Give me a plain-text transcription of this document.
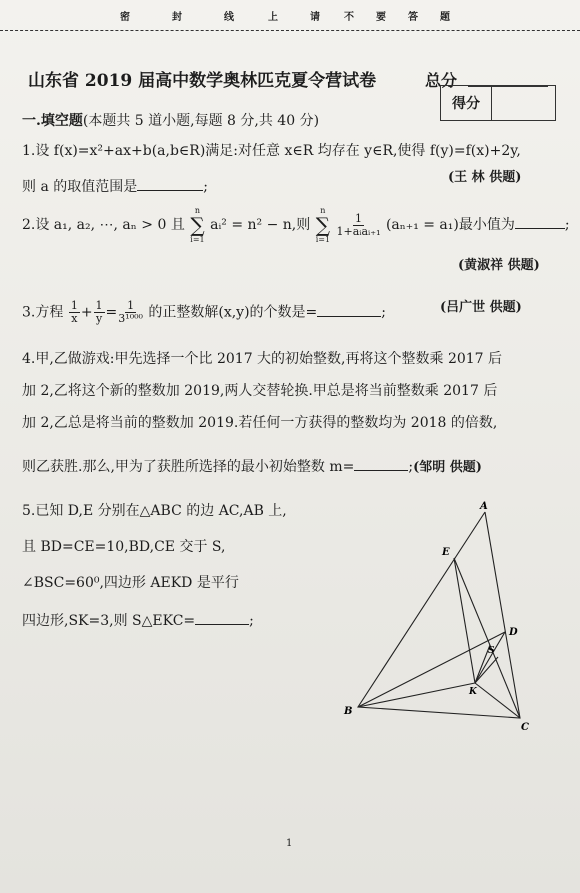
密	封	线	上	请 不 要 答 题
山东省 2019 届高中数学奥林匹克夏令营试卷	总分
得分
一.填空题(本题共 5 道小题,每题 8 分,共 40 分)
1.设 f(x)=x²+ax+b(a,b∈R)满足:对任意 x∈R 均存在 y∈R,使得 f(y)=f(x)+2y,
则 a 的取值范围是	;
(王 林 供题)
2.设 a₁, a₂, ⋯, aₙ > 0 且
n
∑
i=1
aᵢ² = n² − n,则
n
∑
i=1

$\frac{1}{\text{1+aᵢaᵢ₊₁}} (a_{n+1} = a_1)$最小值为	;
(黄淑祥 供题)
3.方程 $\frac{1}{x} + \frac{1}{y} = \frac{1}{\text{3¹⁰⁰⁰}}$ 的正整数解(x,y)的个数是=	;	(吕广世 供题)
4.甲,乙做游戏:甲先选择一个比 2017 大的初始整数,再将这个整数乘 2017 后
加 2,乙将这个新的整数加 2019,两人交替轮换.甲总是将当前整数乘 2017 后
加 2,乙总是将当前的整数加 2019.若任何一方获得的整数均为 2018 的倍数,
则乙获胜.那么,甲为了获胜所选择的最小初始整数 m=	;(邹明 供题)
5.已知 D,E 分别在△ABC 的边 AC,AB 上,
且 BD=CE=10,BD,CE 交于 S,
∠BSC=60⁰,四边形 AEKD 是平行
四边形,SK=3,则 S△EKC=	;
A
E
D
S
K
B
C
1
